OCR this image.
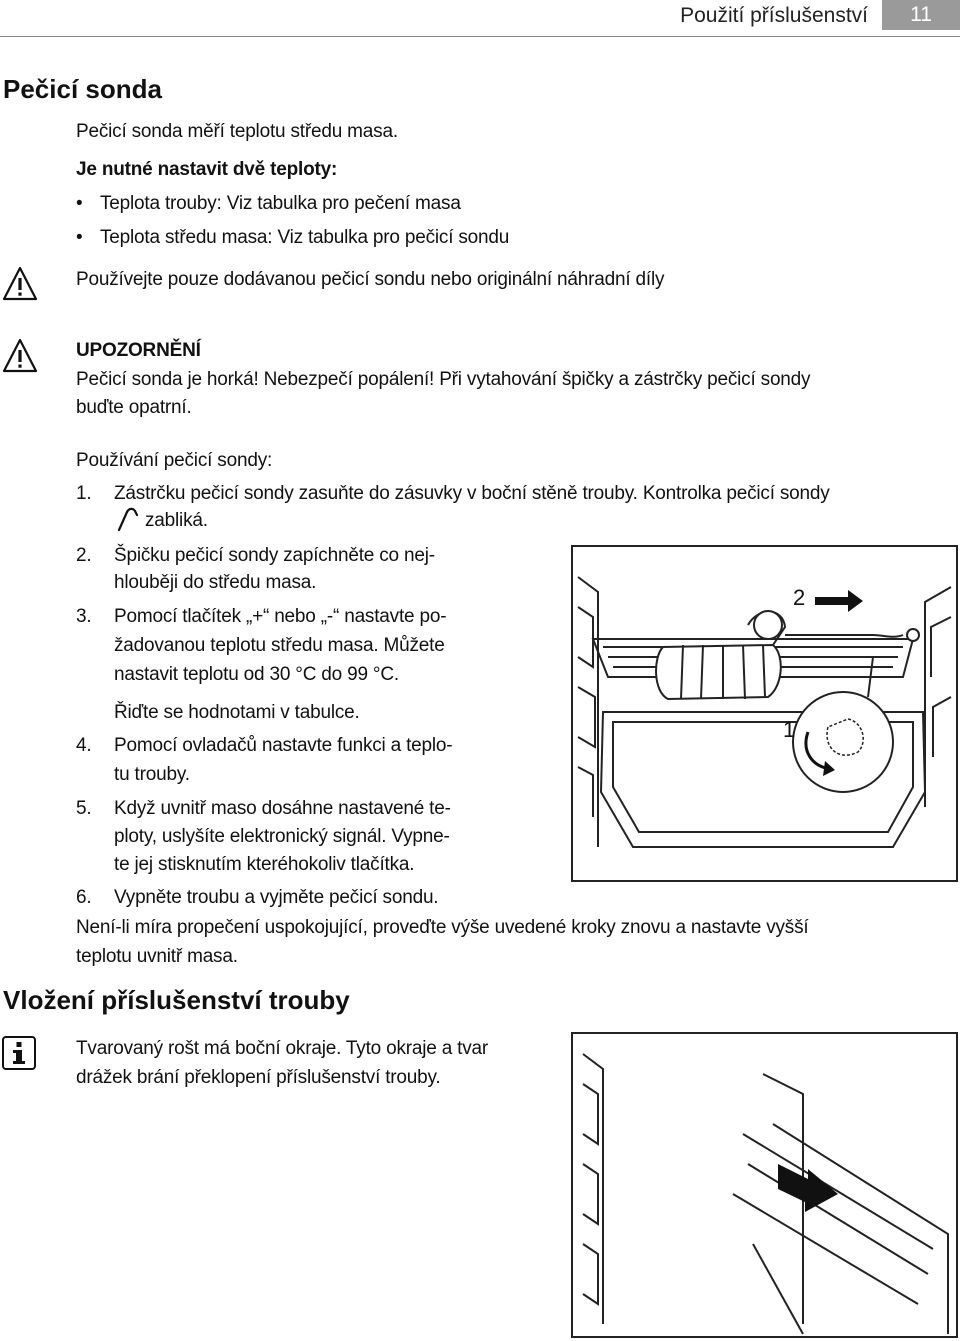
Použití příslušenství	11
Pečicí sonda
Pečicí sonda měří teplotu středu masa.
Je nutné nastavit dvě teploty:
• Teplota trouby: Viz tabulka pro pečení masa
• Teplota středu masa: Viz tabulka pro pečicí sondu
Používejte pouze dodávanou pečicí sondu nebo originální náhradní díly
UPOZORNĚNÍ
Pečicí sonda je horká! Nebezpečí popálení! Při vytahování špičky a zástrčky pečicí sondy
buďte opatrní.
Používání pečicí sondy:
1. Zástrčku pečicí sondy zasuňte do zásuvky v boční stěně trouby. Kontrolka pečicí sondy
zabliká.
2. Špičku pečicí sondy zapíchněte co nej-
hlouběji do středu masa.
3. Pomocí tlačítek „+“ nebo „-“ nastavte po-
žadovanou teplotu středu masa. Můžete
nastavit teplotu od 30 °C do 99 °C.
Řiďte se hodnotami v tabulce.
4. Pomocí ovladačů nastavte funkci a teplo-
tu trouby.
5. Když uvnitř maso dosáhne nastavené te-
ploty, uslyšíte elektronický signál. Vypne-
te jej stisknutím kteréhokoliv tlačítka.
6. Vypněte troubu a vyjměte pečicí sondu.
Není-li míra propečení uspokojující, proveďte výše uvedené kroky znovu a nastavte vyšší
teplotu uvnitř masa.
2
1
Vložení příslušenství trouby
Tvarovaný rošt má boční okraje. Tyto okraje a tvar
drážek brání překlopení příslušenství trouby.
